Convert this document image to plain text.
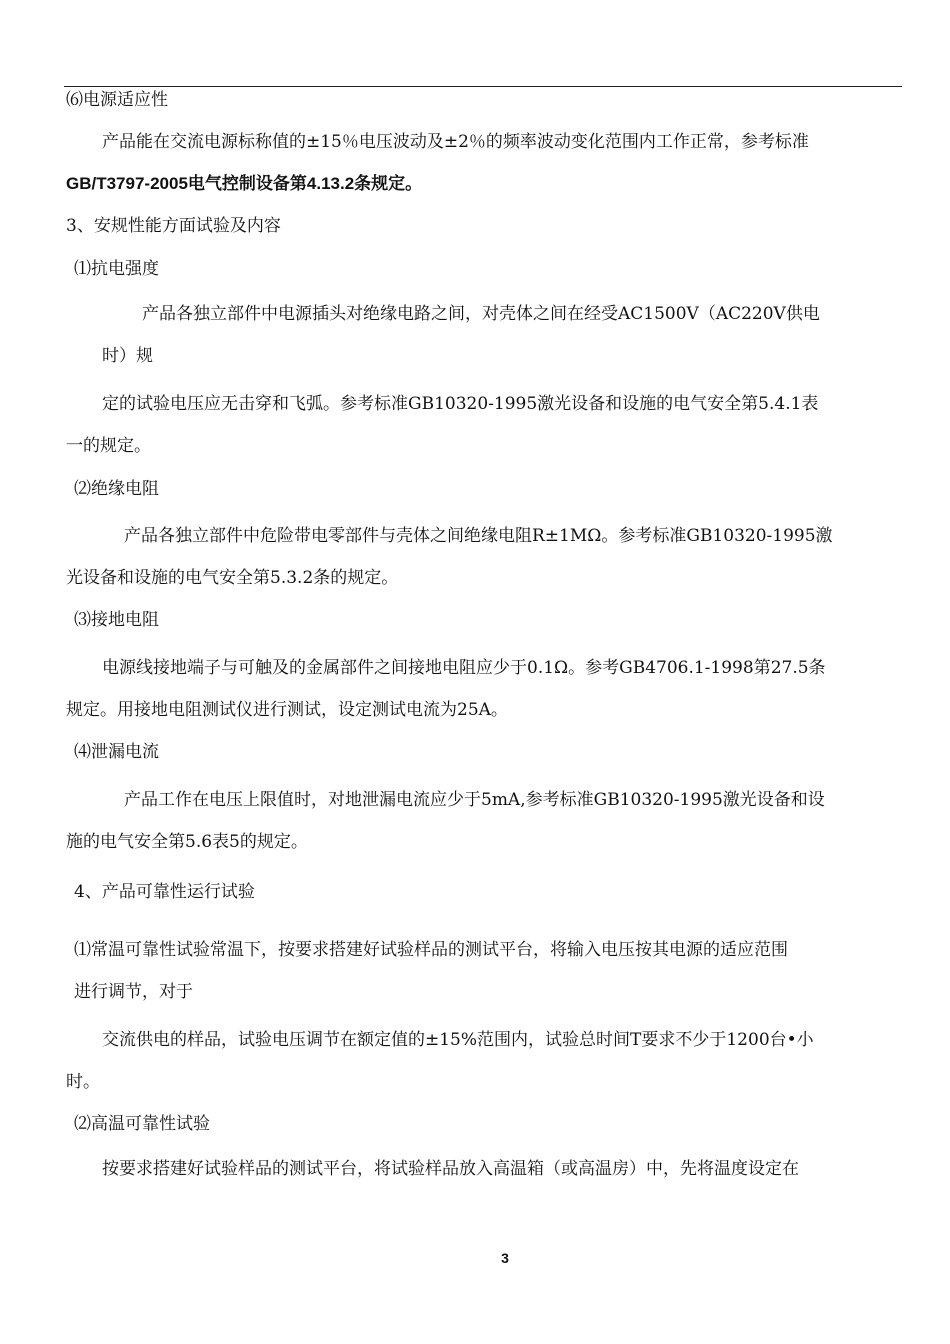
⑹电源适应性
产品能在交流电源标称值的±15％电压波动及±2％的频率波动变化范围内工作正常，参考标准
GB/T3797-2005电气控制设备第4.13.2条规定。
3、安规性能方面试验及内容
⑴抗电强度
产品各独立部件中电源插头对绝缘电路之间，对壳体之间在经受AC1500V（AC220V供电
时）规
定的试验电压应无击穿和飞弧。参考标准GB10320-1995激光设备和设施的电气安全第5.4.1表
一的规定。
⑵绝缘电阻
产品各独立部件中危险带电零部件与壳体之间绝缘电阻R±1MΩ。参考标准GB10320-1995激
光设备和设施的电气安全第5.3.2条的规定。
⑶接地电阻
电源线接地端子与可触及的金属部件之间接地电阻应少于0.1Ω。参考GB4706.1-1998第27.5条
规定。用接地电阻测试仪进行测试，设定测试电流为25A。
⑷泄漏电流
产品工作在电压上限值时，对地泄漏电流应少于5mA,参考标准GB10320-1995激光设备和设
施的电气安全第5.6表5的规定。
4、产品可靠性运行试验
⑴常温可靠性试验常温下，按要求搭建好试验样品的测试平台，将输入电压按其电源的适应范围
进行调节，对于
交流供电的样品，试验电压调节在额定值的±15%范围内，试验总时间T要求不少于1200台•小
时。
⑵高温可靠性试验
按要求搭建好试验样品的测试平台，将试验样品放入高温箱（或高温房）中，先将温度设定在
3
